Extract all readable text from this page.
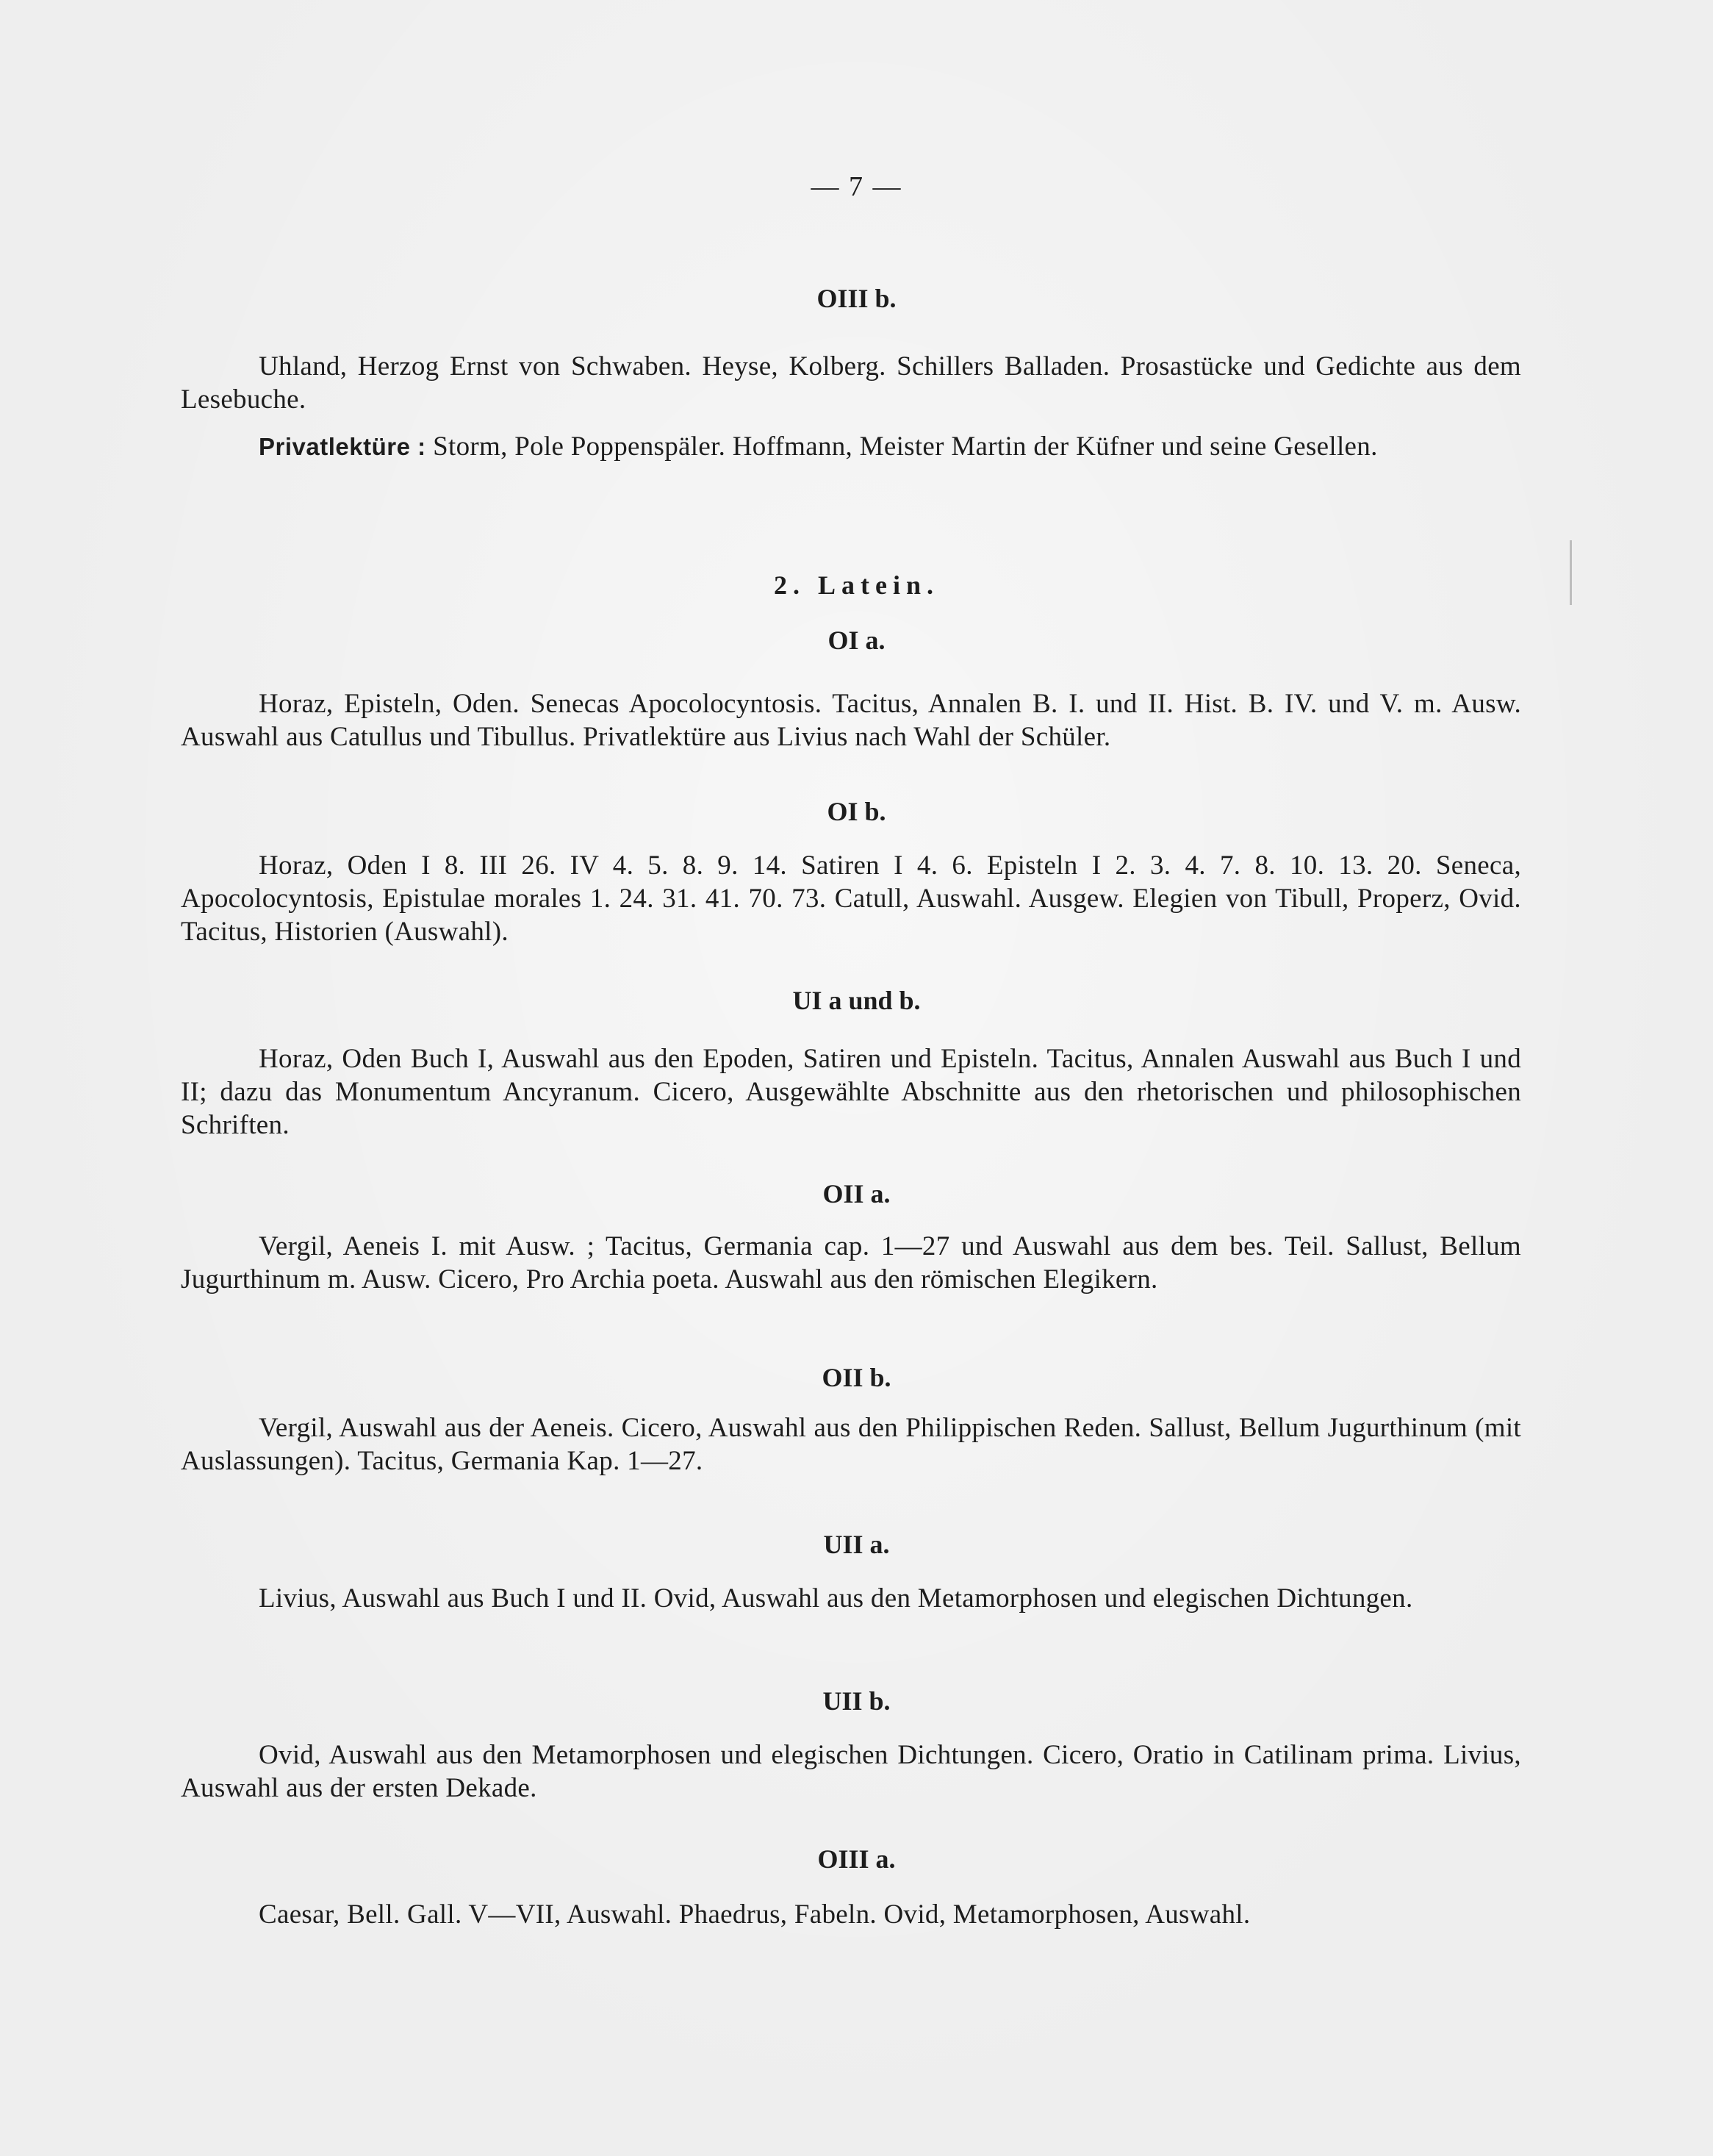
— 7 —
OIII b.
Uhland, Herzog Ernst von Schwaben. Heyse, Kolberg. Schillers Balladen. Prosastücke und Gedichte aus dem Lesebuche.
Privatlektüre : Storm, Pole Poppenspäler. Hoffmann, Meister Martin der Küfner und seine Gesellen.
2. Latein.
OI a.
Horaz, Episteln, Oden. Senecas Apocolocyntosis. Tacitus, Annalen B. I. und II. Hist. B. IV. und V. m. Ausw. Auswahl aus Catullus und Tibullus. Privatlektüre aus Livius nach Wahl der Schüler.
OI b.
Horaz, Oden I 8. III 26. IV 4. 5. 8. 9. 14. Satiren I 4. 6. Episteln I 2. 3. 4. 7. 8. 10. 13. 20. Seneca, Apocolocyntosis, Epistulae morales 1. 24. 31. 41. 70. 73. Catull, Auswahl. Ausgew. Elegien von Tibull, Properz, Ovid. Tacitus, Historien (Auswahl).
UI a und b.
Horaz, Oden Buch I, Auswahl aus den Epoden, Satiren und Episteln. Tacitus, Annalen Auswahl aus Buch I und II; dazu das Monumentum Ancyranum. Cicero, Ausgewählte Abschnitte aus den rhetorischen und philosophischen Schriften.
OII a.
Vergil, Aeneis I. mit Ausw. ; Tacitus, Germania cap. 1—27 und Auswahl aus dem bes. Teil. Sallust, Bellum Jugurthinum m. Ausw. Cicero, Pro Archia poeta. Auswahl aus den römischen Elegikern.
OII b.
Vergil, Auswahl aus der Aeneis. Cicero, Auswahl aus den Philippischen Reden. Sallust, Bellum Jugurthinum (mit Auslassungen). Tacitus, Germania Kap. 1—27.
UII a.
Livius, Auswahl aus Buch I und II. Ovid, Auswahl aus den Metamorphosen und elegischen Dichtungen.
UII b.
Ovid, Auswahl aus den Metamorphosen und elegischen Dichtungen. Cicero, Oratio in Catilinam prima. Livius, Auswahl aus der ersten Dekade.
OIII a.
Caesar, Bell. Gall. V—VII, Auswahl. Phaedrus, Fabeln. Ovid, Metamorphosen, Auswahl.
